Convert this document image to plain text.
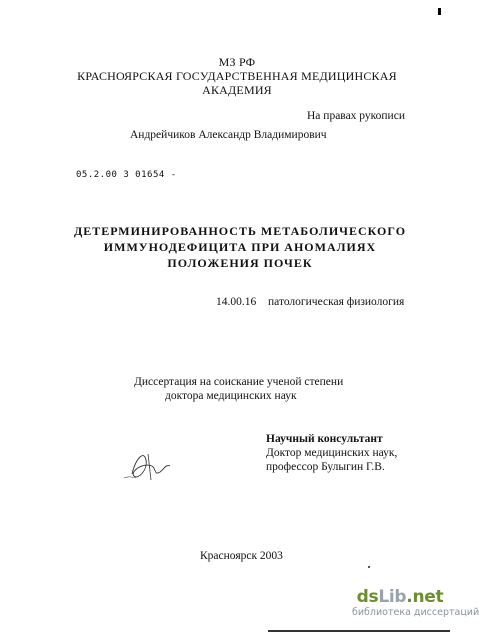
МЗ РФ
КРАСНОЯРСКАЯ ГОСУДАРСТВЕННАЯ МЕДИЦИНСКАЯ
АКАДЕМИЯ
На правах рукописи
Андрейчиков Александр Владимирович
05.2.00 3 01654 -
ДЕТЕРМИНИРОВАННОСТЬ МЕТАБОЛИЧЕСКОГО
ИММУНОДЕФИЦИТА ПРИ АНОМАЛИЯХ
ПОЛОЖЕНИЯ ПОЧЕК
14.00.16 патологическая физиология
Диссертация на соискание ученой степени
доктора медицинских наук
Научный консультант
Доктор медицинских наук,
профессор Булыгин Г.В.
Красноярск 2003
dsLib.net
библиотека диссертаций
